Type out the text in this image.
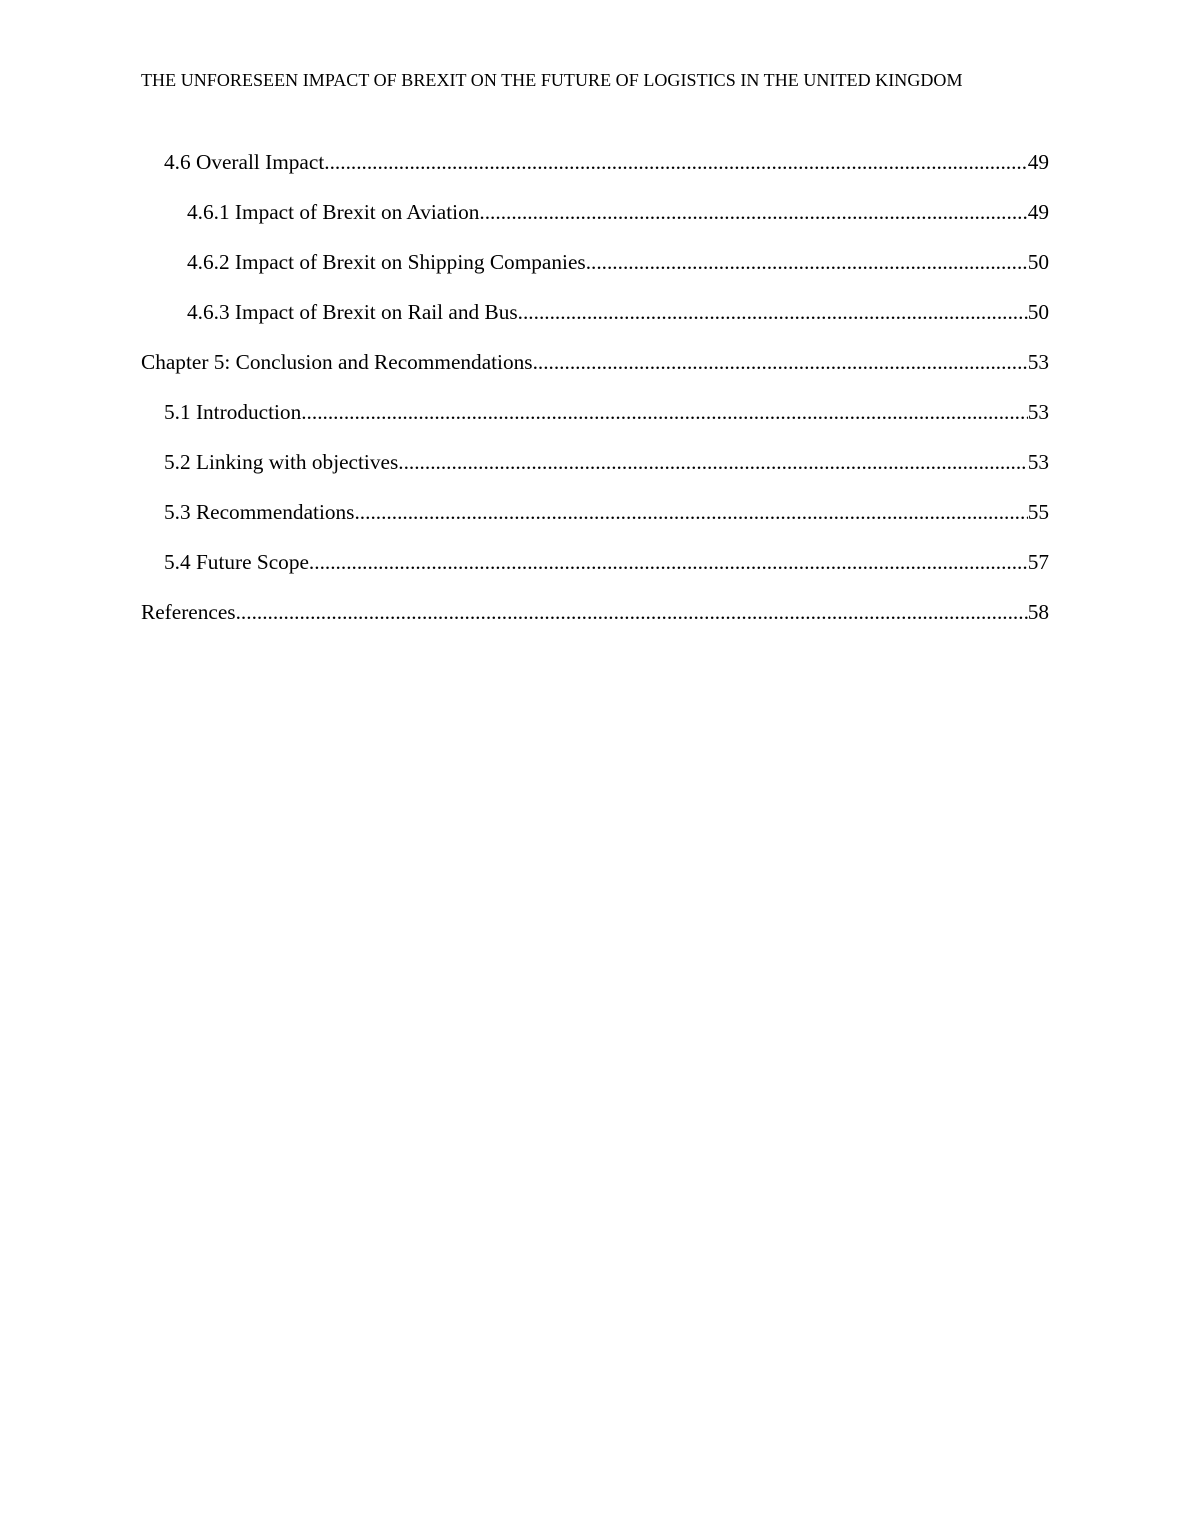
THE UNFORESEEN IMPACT OF BREXIT ON THE FUTURE OF LOGISTICS IN THE UNITED KINGDOM
4.6 Overall Impact .....	49
4.6.1 Impact of Brexit on Aviation .....	49
4.6.2 Impact of Brexit on Shipping Companies .....	50
4.6.3 Impact of Brexit on Rail and Bus .....	50
Chapter 5: Conclusion and Recommendations .....	53
5.1 Introduction .....	53
5.2 Linking with objectives .....	53
5.3 Recommendations .....	55
5.4 Future Scope .....	57
References .....	58
